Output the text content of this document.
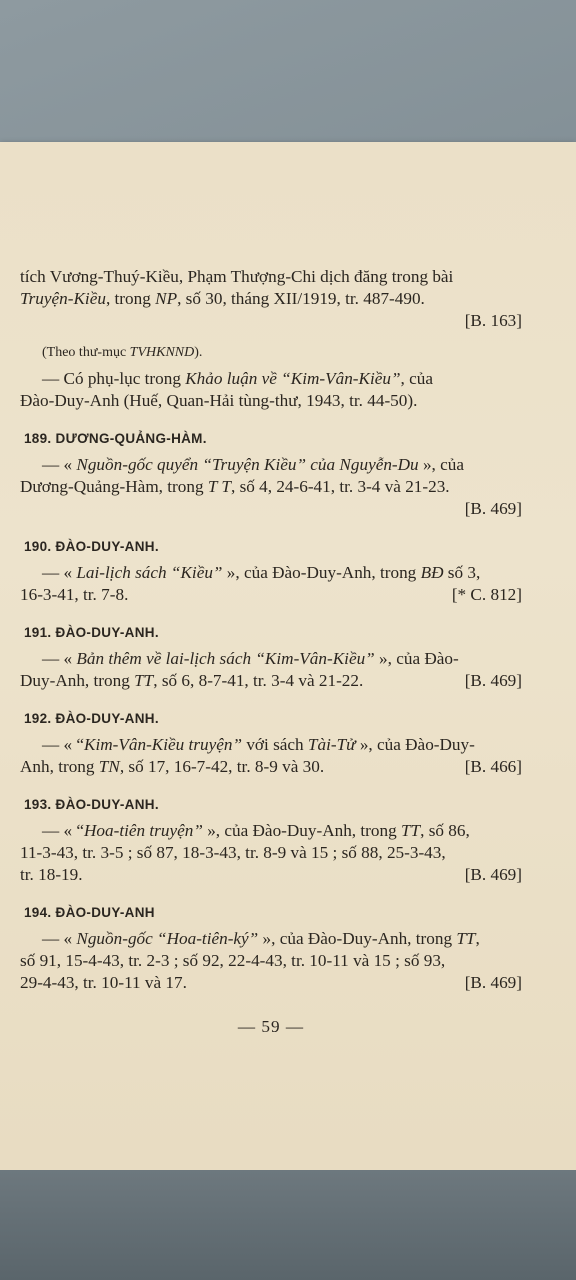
tích Vương-Thuý-Kiều, Phạm Thượng-Chi dịch đăng trong bài
Truyện-Kiều, trong NP, số 30, tháng XII/1919, tr. 487-490.
[B. 163]
(Theo thư-mục TVHKNND).
— Có phụ-lục trong Khảo luận về “Kim-Vân-Kiều”, của
Đào-Duy-Anh (Huế, Quan-Hải tùng-thư, 1943, tr. 44-50).
189. DƯƠNG-QUẢNG-HÀM.
— « Nguồn-gốc quyển “Truyện Kiều” của Nguyễn-Du », của
Dương-Quảng-Hàm, trong T T, số 4, 24-6-41, tr. 3-4 và 21-23.
[B. 469]
190. ĐÀO-DUY-ANH.
— « Lai-lịch sách “Kiều” », của Đào-Duy-Anh, trong BĐ số 3,
16-3-41, tr. 7-8.	[* C. 812]
191. ĐÀO-DUY-ANH.
— « Bản thêm về lai-lịch sách “Kim-Vân-Kiều” », của Đào-
Duy-Anh, trong TT, số 6, 8-7-41, tr. 3-4 và 21-22.	[B. 469]
192. ĐÀO-DUY-ANH.
— « “Kim-Vân-Kiều truyện” với sách Tài-Tử », của Đào-Duy-
Anh, trong TN, số 17, 16-7-42, tr. 8-9 và 30.	[B. 466]
193. ĐÀO-DUY-ANH.
— « “Hoa-tiên truyện” », của Đào-Duy-Anh, trong TT, số 86,
11-3-43, tr. 3-5 ; số 87, 18-3-43, tr. 8-9 và 15 ; số 88, 25-3-43,
tr. 18-19.	[B. 469]
194. ĐÀO-DUY-ANH
— « Nguồn-gốc “Hoa-tiên-ký” », của Đào-Duy-Anh, trong TT,
số 91, 15-4-43, tr. 2-3 ; số 92, 22-4-43, tr. 10-11 và 15 ; số 93,
29-4-43, tr. 10-11 và 17.	[B. 469]
— 59 —
